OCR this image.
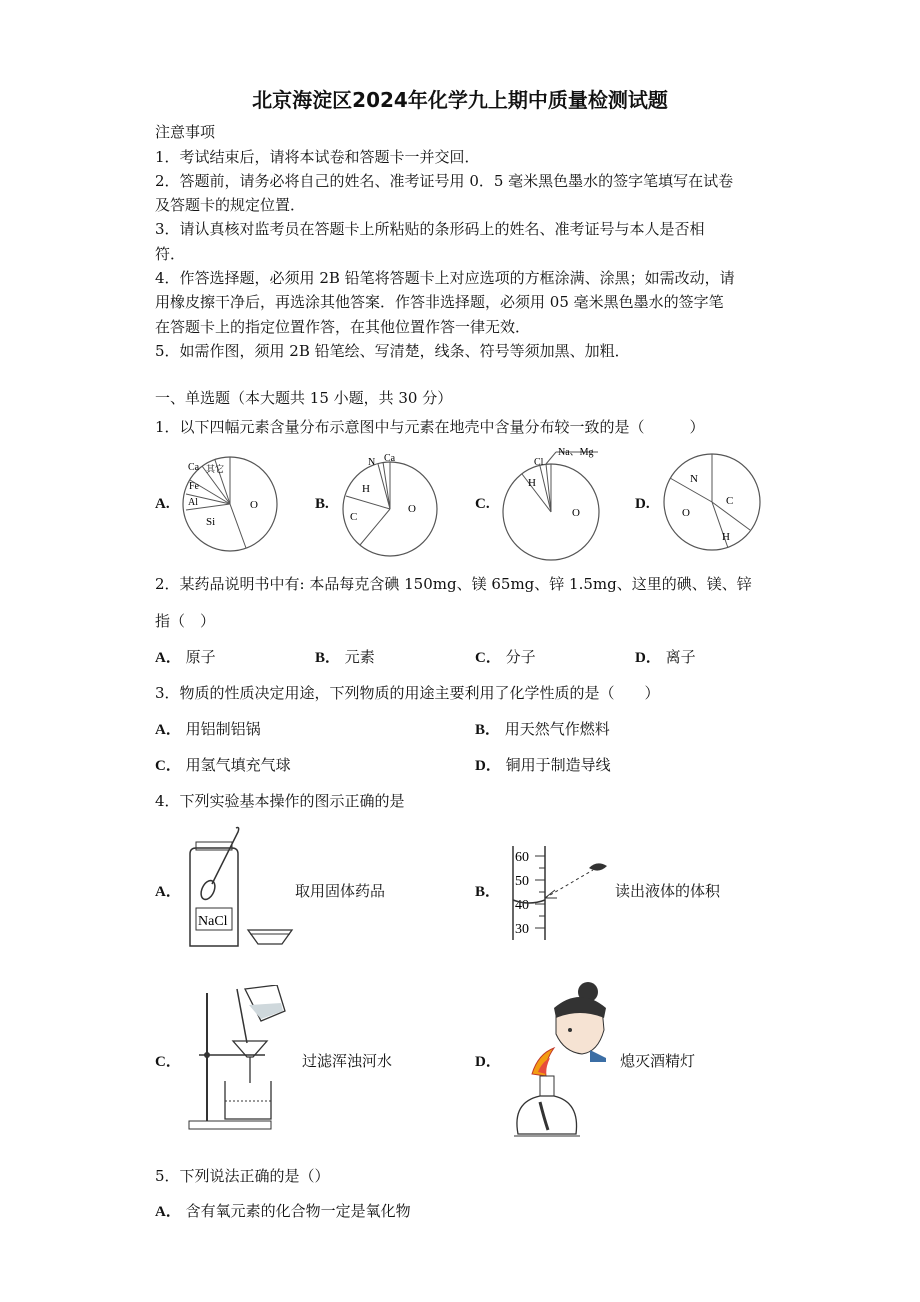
北京海淀区2024年化学九上期中质量检测试题
注意事项
1．考试结束后，请将本试卷和答题卡一并交回．
2．答题前，请务必将自己的姓名、准考证号用 0．5 毫米黑色墨水的签字笔填写在试卷
及答题卡的规定位置．
3．请认真核对监考员在答题卡上所粘贴的条形码上的姓名、准考证号与本人是否相
符．
4．作答选择题，必须用 2B 铅笔将答题卡上对应选项的方框涂满、涂黑；如需改动，请
用橡皮擦干净后，再选涂其他答案．作答非选择题，必须用 05 毫米黑色墨水的签字笔
在答题卡上的指定位置作答，在其他位置作答一律无效．
5．如需作图，须用 2B 铅笔绘、写清楚，线条、符号等须加黑、加粗．
一、单选题（本大题共 15 小题，共 30 分）
1．以下四幅元素含量分布示意图中与元素在地壳中含量分布较一致的是（　　　）
A.
Ca 其它
Fe
Al
Si
O	B.
N Ca
H
C
O	C.
Na、Mg
Cl
H
O
D.
N
O
C
H
2．某药品说明书中有: 本品每克含碘 150mg、镁 65mg、锌 1.5mg、这里的碘、镁、锌
指（　）
A． 原子	B． 元素	C． 分子	D． 离子
3．物质的性质决定用途，下列物质的用途主要利用了化学性质的是（　　）
A． 用铝制铝锅	B． 用天然气作燃料
C． 用氢气填充气球	D． 铜用于制造导线
4．下列实验基本操作的图示正确的是
A．
NaCl
取用固体药品	B．
60
50
40
30
读出液体的体积
C．	过滤浑浊河水	D．	熄灭酒精灯
5．下列说法正确的是（）
A． 含有氧元素的化合物一定是氧化物
